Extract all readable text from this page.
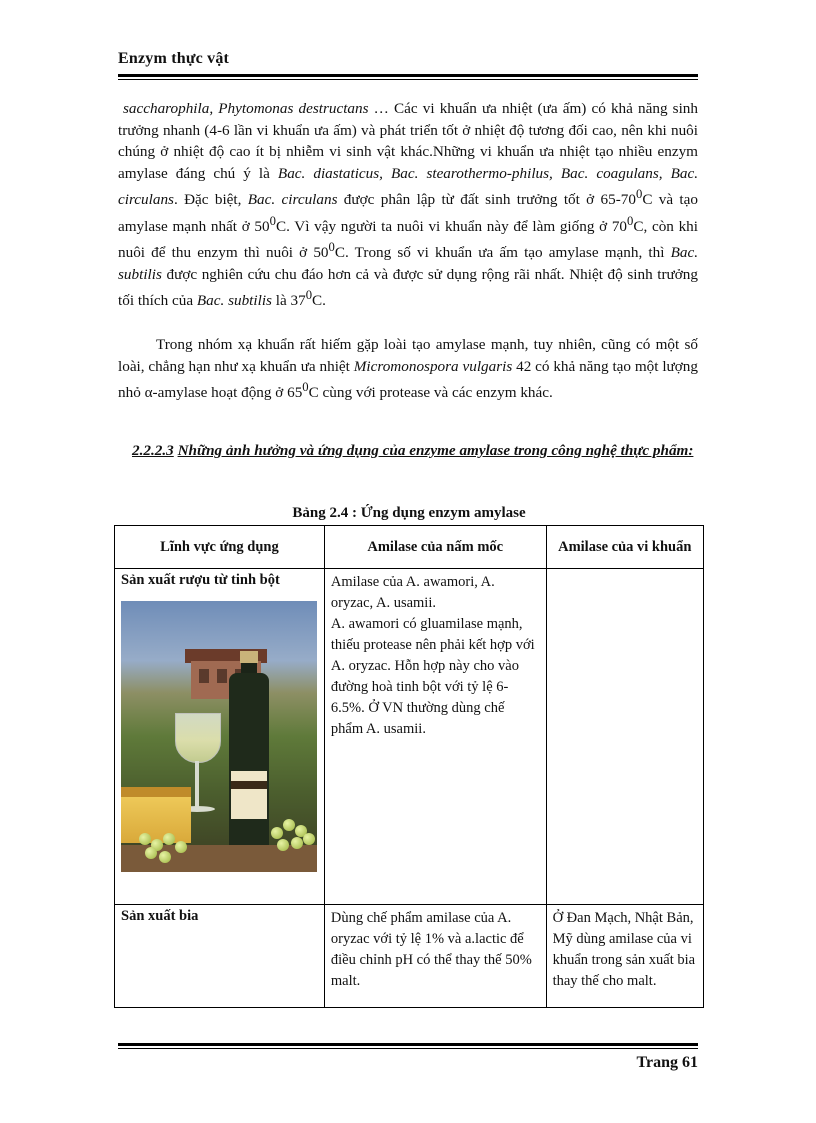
Enzym thực vật
saccharophila, Phytomonas destructans … Các vi khuẩn ưa nhiệt (ưa ấm) có khả năng sinh trưởng nhanh (4-6 lần vi khuẩn ưa ấm) và phát triển tốt ở nhiệt độ tương đối cao, nên khi nuôi chúng ở nhiệt độ cao ít bị nhiễm vi sinh vật khác.Những vi khuẩn ưa nhiệt tạo nhiều enzym amylase đáng chú ý là Bac. diastaticus, Bac. stearothermo-philus, Bac. coagulans, Bac. circulans. Đặc biệt, Bac. circulans được phân lập từ đất sinh trưởng tốt ở $65-70^0C$ và tạo amylase mạnh nhất ở $50^0C$. Vì vậy người ta nuôi vi khuẩn này để làm giống ở $70^0C$, còn khi nuôi để thu enzym thì nuôi ở $50^0C$. Trong số vi khuẩn ưa ấm tạo amylase mạnh, thì Bac. subtilis được nghiên cứu chu đáo hơn cả và được sử dụng rộng rãi nhất. Nhiệt độ sinh trưởng tối thích của Bac. subtilis là $37^0C$.
Trong nhóm xạ khuẩn rất hiếm gặp loài tạo amylase mạnh, tuy nhiên, cũng có một số loài, chẳng hạn như xạ khuẩn ưa nhiệt Micromonospora vulgaris 42 có khả năng tạo một lượng nhỏ α-amylase hoạt động ở $65^0C$ cùng với protease và các enzym khác.
2.2.2.3 Những ảnh hưởng và ứng dụng của enzyme amylase trong công nghệ thực phẩm:
Bảng 2.4 : Ứng dụng enzym amylase
Lĩnh vực ứng dụng	Amilase của nấm mốc	Amilase của vi khuẩn

Sản xuất rượu từ tinh bột	Amilase của A. awamori, A. oryzac, A. usamii.
A. awamori có gluamilase mạnh, thiếu protease nên phải kết hợp với A. oryzac. Hỗn hợp này cho vào đường hoà tinh bột với tỷ lệ 6-6.5%. Ở VN thường dùng chế phẩm A. usamii.	

Sản xuất bia	Dùng chế phẩm amilase của A. oryzac với tỷ lệ 1% và a.lactic để điều chỉnh pH có thể thay thế 50% malt.	Ở Đan Mạch, Nhật Bản, Mỹ dùng amilase của vi khuẩn trong sản xuất bia thay thế cho malt.
Trang 61
